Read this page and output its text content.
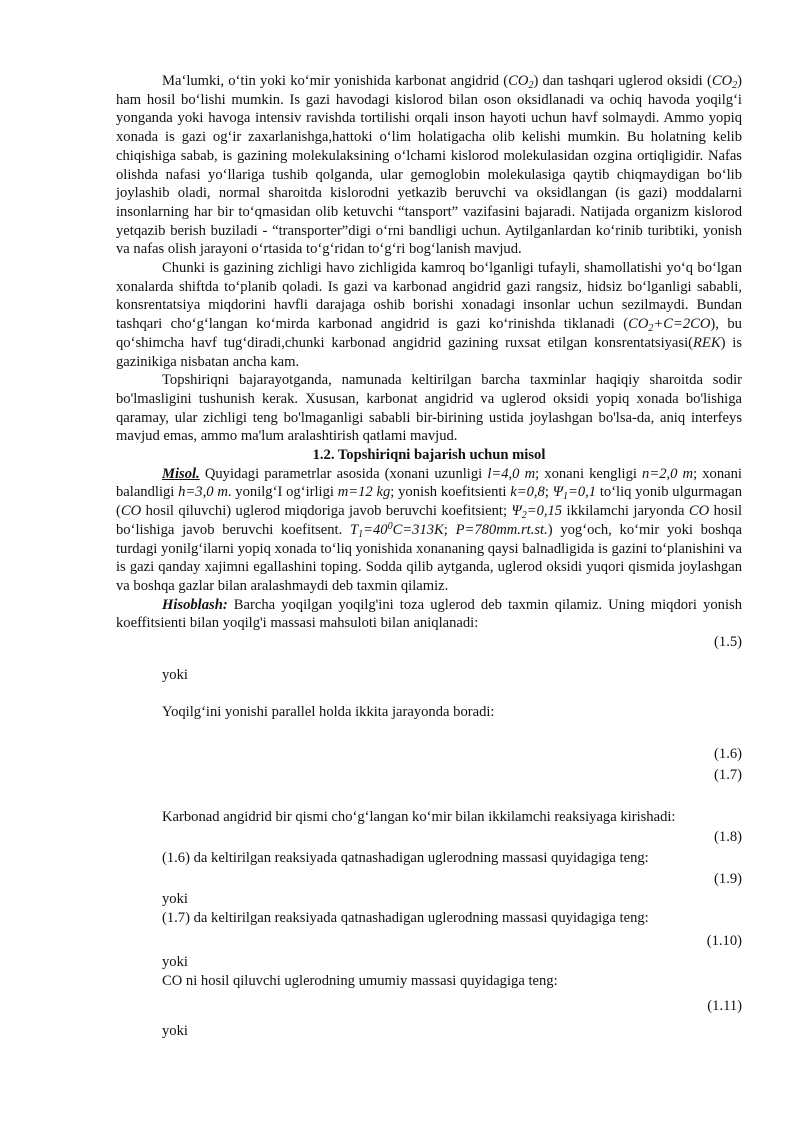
Ma‘lumki, o‘tin yoki ko‘mir yonishida karbonat angidrid $(CO_2)$ dan tashqari uglerod oksidi $(CO_2)$ ham hosil bo‘lishi mumkin. Is gazi havodagi kislorod bilan oson oksidlanadi va ochiq havoda yoqilg‘i yonganda yoki havoga intensiv ravishda tortilishi orqali inson hayoti uchun havf solmaydi. Ammo yopiq xonada is gazi og‘ir zaxarlanishga,hattoki o‘lim holatigacha olib kelishi mumkin. Bu holatning kelib chiqishiga sabab, is gazining molekulaksining o‘lchami kislorod molekulasidan ozgina ortiqligidir. Nafas olishda nafasi yo‘llariga tushib qolganda, ular gemoglobin molekulasiga qaytib chiqmaydigan bo‘lib joylashib oladi, normal sharoitda kislorodni yetkazib beruvchi va oksidlangan (is gazi) moddalarni insonlarning har bir to‘qmasidan olib ketuvchi “tansport” vazifasini bajaradi. Natijada organizm kislorod yetqazib berish buziladi - “transporter”digi o‘rni bandligi uchun. Aytilganlardan ko‘rinib turibtiki, yonish va nafas olish jarayoni o‘rtasida to‘g‘ridan to‘g‘ri bog‘lanish mavjud.

Chunki is gazining zichligi havo zichligida kamroq bo‘lganligi tufayli, shamollatishi yo‘q bo‘lgan xonalarda shiftda to‘planib qoladi. Is gazi va karbonad angidrid gazi rangsiz, hidsiz bo‘lganligi sababli, konsrentatsiya miqdorini havfli darajaga oshib borishi xonadagi insonlar uchun sezilmaydi. Bundan tashqari cho‘g‘langan ko‘mirda karbonad angidrid is gazi ko‘rinishda tiklanadi $(CO_2+C=2CO)$, bu qo‘shimcha havf tug‘diradi,chunki karbonad angidrid gazining ruxsat etilgan konsrentatsiyasi(REK) is gazinikiga nisbatan ancha kam.

Topshiriqni bajarayotganda, namunada keltirilgan barcha taxminlar haqiqiy sharoitda sodir bo'lmasligini tushunish kerak. Xususan, karbonat angidrid va uglerod oksidi yopiq xonada bo'lishiga qaramay, ular zichligi teng bo'lmaganligi sababli bir-birining ustida joylashgan bo'lsa-da, aniq interfeys mavjud emas, ammo ma'lum aralashtirish qatlami mavjud.

1.2. Topshiriqni bajarish uchun misol

Misol. Quyidagi parametrlar asosida (xonani uzunligi l=4,0 m; xonani kengligi n=2,0 m; xonani balandligi h=3,0 m. yonilg‘I og‘irligi m=12 kg; yonish koefitsienti k=0,8; $\Psi_1=0,1$ to‘liq yonib ulgurmagan (CO hosil qiluvchi) uglerod miqdoriga javob beruvchi koefitsient; $\Psi_2=0,15$ ikkilamchi jaryonda CO hosil bo‘lishiga javob beruvchi koefitsent. $T_1=40^0C=313K$; P=780mm.rt.st.) yog‘och, ko‘mir yoki boshqa turdagi yonilg‘ilarni yopiq xonada to‘liq yonishida xonananing qaysi balnadligida is gazini to‘planishini va is gazi qanday xajimni egallashini toping. Sodda qilib aytganda, uglerod oksidi yuqori qismida joylashgan va boshqa gazlar bilan aralashmaydi deb taxmin qilamiz.

Hisoblash: Barcha yoqilgan yoqilg'ini toza uglerod deb taxmin qilamiz. Uning miqdori yonish koeffitsienti bilan yoqilg'i massasi mahsuloti bilan aniqlanadi:

(1.5)

yoki

Yoqilg‘ini yonishi parallel holda ikkita jarayonda boradi:

(1.6)

(1.7)

Karbonad angidrid bir qismi cho‘g‘langan ko‘mir bilan ikkilamchi reaksiyaga kirishadi:

(1.8)

(1.6) da keltirilgan reaksiyada qatnashadigan uglerodning massasi quyidagiga teng:

(1.9)

yoki

(1.7) da keltirilgan reaksiyada qatnashadigan uglerodning massasi quyidagiga teng:

(1.10)

yoki

CO ni hosil qiluvchi uglerodning umumiy massasi quyidagiga teng:

(1.11)

yoki
